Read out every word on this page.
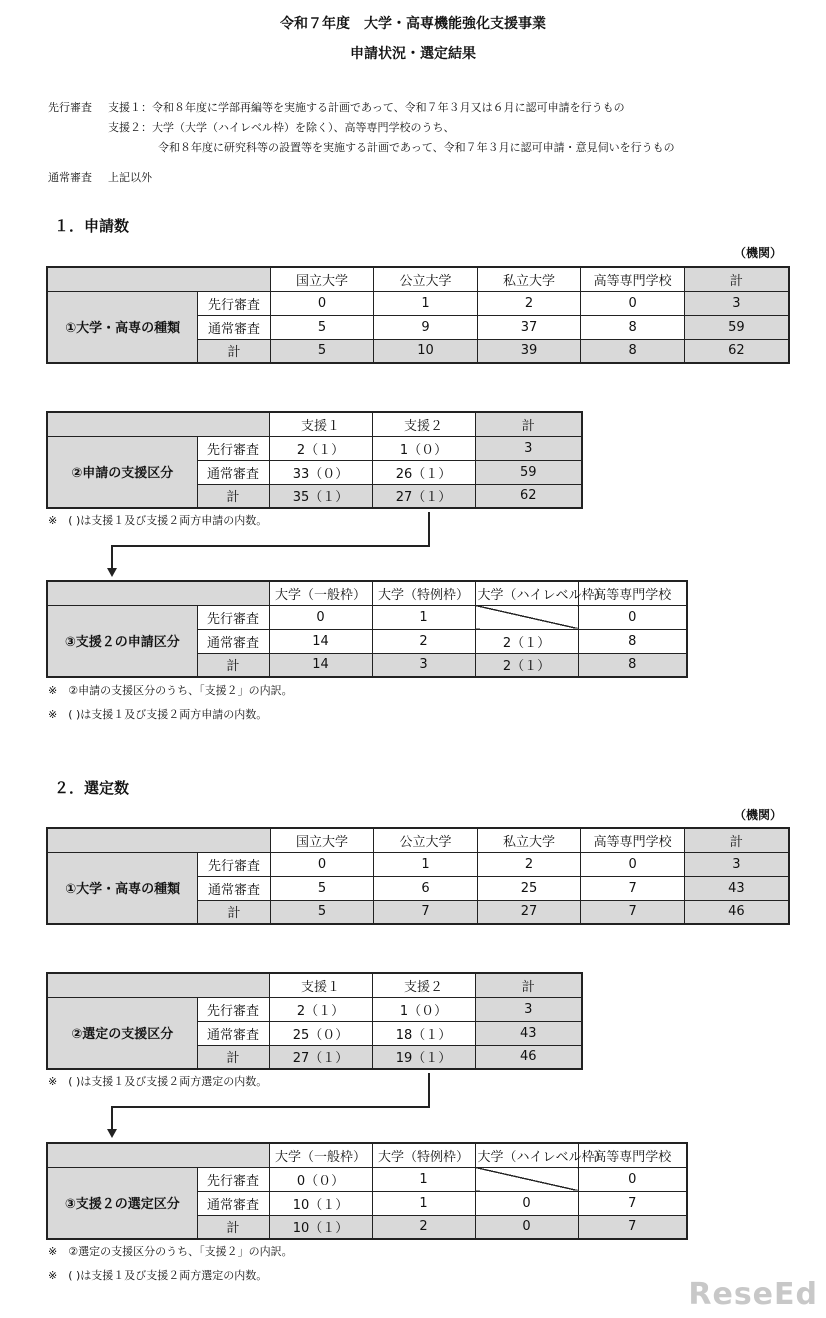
令和７年度　大学・高専機能強化支援事業
申請状況・選定結果
先行審査 支援１：令和８年度に学部再編等を実施する計画であって、令和７年３月又は６月に認可申請を行うもの
支援２：大学（大学（ハイレベル枠）を除く）、高等専門学校のうち、
令和８年度に研究科等の設置等を実施する計画であって、令和７年３月に認可申請・意見伺いを行うもの
通常審査 上記以外
１．申請数
（機関）
		国立大学	公立大学	私立大学	高等専門学校	計
①大学・高専の種類	先行審査	0	1	2	0	3
	通常審査	5	9	37	8	59
	計	5	10	39	8	62
		支援１	支援２	計
②申請の支援区分	先行審査	2（１）	1（０）	3
	通常審査	33（０）	26（１）	59
	計	35（１）	27（１）	62
※　( )は支援１及び支援２両方申請の内数。
		大学（一般枠）	大学（特例枠）	大学（ハイレベル枠）	高等専門学校
③支援２の申請区分	先行審査	0	1		0
	通常審査	14	2	2（１）	8
	計	14	3	2（１）	8
※　②申請の支援区分のうち、「支援２」の内訳。
※　( )は支援１及び支援２両方申請の内数。
２．選定数
（機関）
		国立大学	公立大学	私立大学	高等専門学校	計
①大学・高専の種類	先行審査	0	1	2	0	3
	通常審査	5	6	25	7	43
	計	5	7	27	7	46
		支援１	支援２	計
②選定の支援区分	先行審査	2（１）	1（０）	3
	通常審査	25（０）	18（１）	43
	計	27（１）	19（１）	46
※　( )は支援１及び支援２両方選定の内数。
		大学（一般枠）	大学（特例枠）	大学（ハイレベル枠）	高等専門学校
③支援２の選定区分	先行審査	0（０）	1		0
	通常審査	10（１）	1	0	7
	計	10（１）	2	0	7
※　②選定の支援区分のうち、「支援２」の内訳。
※　( )は支援１及び支援２両方選定の内数。
ReseEd
